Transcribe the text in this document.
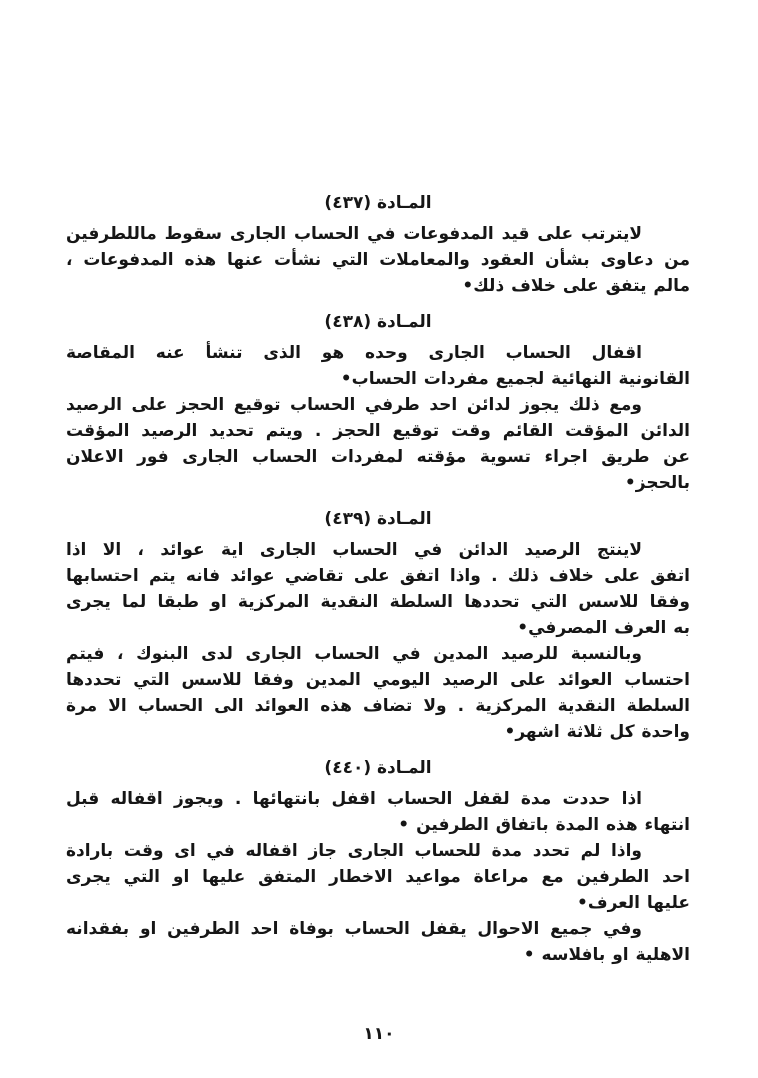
المـادة (٤٣٧)
لايترتب على قيد المدفوعات في الحساب الجارى سقوط ماللطرفين
من دعاوى بشأن العقود والمعاملات التي نشأت عنها هذه المدفوعات ،
مالم يتفق على خلاف ذلك•
المـادة (٤٣٨)
اقفال الحساب الجارى وحده هو الذى تنشأ عنه المقاصة
القانونية النهائية لجميع مفردات الحساب•
ومع ذلك يجوز لدائن احد طرفي الحساب توقيع الحجز على الرصيد
الدائن المؤقت القائم وقت توقيع الحجز . ويتم تحديد الرصيد المؤقت
عن طريق اجراء تسوية مؤقته لمفردات الحساب الجارى فور الاعلان
بالحجز•
المـادة (٤٣٩)
لاينتج الرصيد الدائن في الحساب الجارى اية عوائد ، الا اذا
اتفق على خلاف ذلك . واذا اتفق على تقاضي عوائد فانه يتم احتسابها
وفقا للاسس التي تحددها السلطة النقدية المركزية او طبقا لما يجرى
به العرف المصرفي•
وبالنسبة للرصيد المدين في الحساب الجارى لدى البنوك ، فيتم
احتساب العوائد على الرصيد اليومي المدين وفقا للاسس التي تحددها
السلطة النقدية المركزية . ولا تضاف هذه العوائد الى الحساب الا مرة
واحدة كل ثلاثة اشهر•
المـادة (٤٤٠)
اذا حددت مدة لقفل الحساب اقفل بانتهائها . ويجوز اقفاله قبل
انتهاء هذه المدة باتفاق الطرفين •
واذا لم تحدد مدة للحساب الجارى جاز اقفاله في اى وقت بارادة
احد الطرفين مع مراعاة مواعيد الاخطار المتفق عليها او التي يجرى
عليها العرف•
وفي جميع الاحوال يقفل الحساب بوفاة احد الطرفين او بفقدانه
الاهلية او بافلاسه •
١١٠
